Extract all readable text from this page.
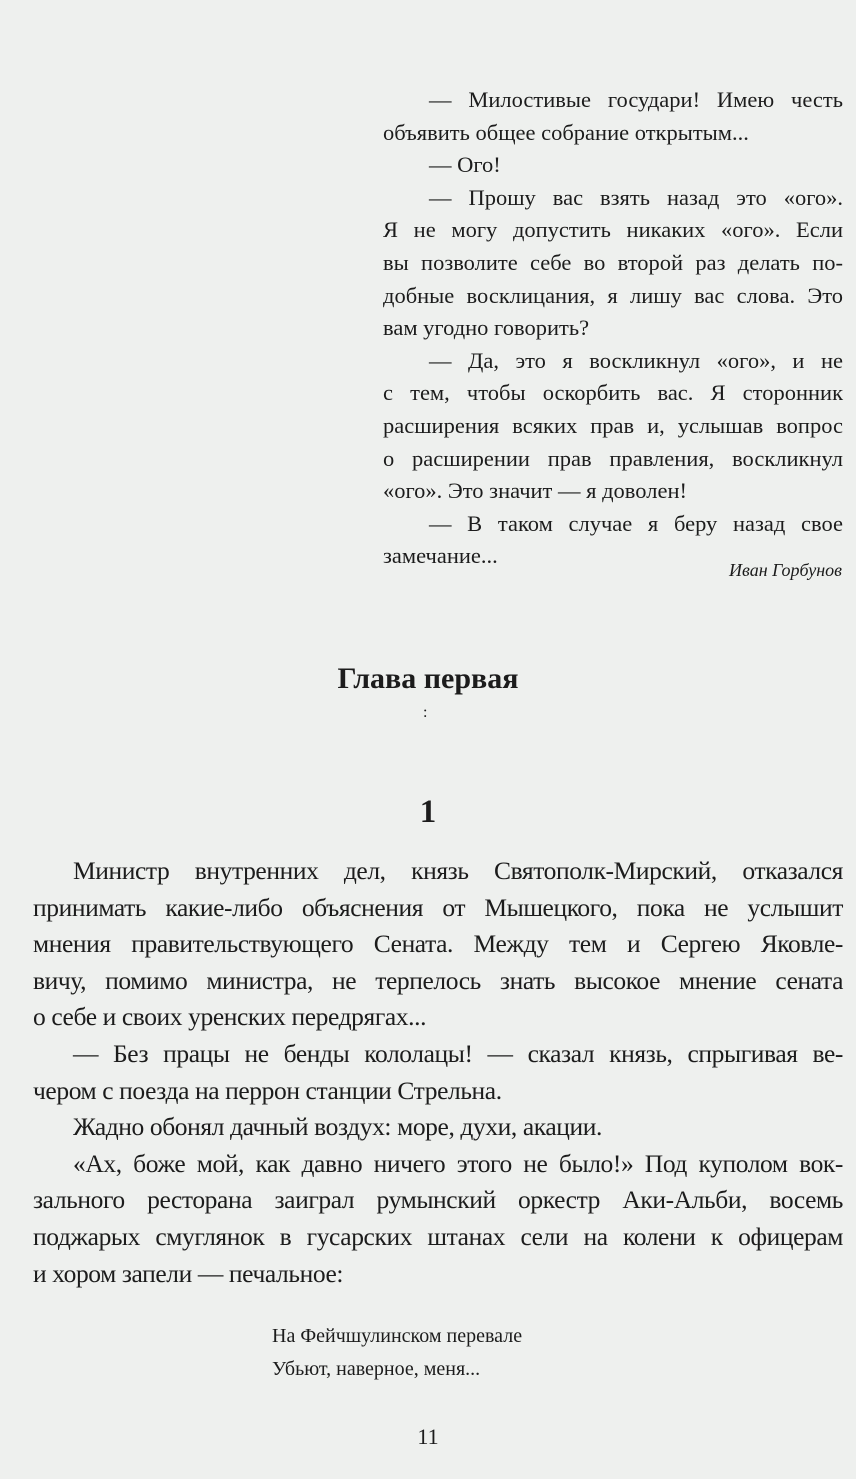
— Милостивые государи! Имею честь
объявить общее собрание открытым...
— Ого!
— Прошу вас взять назад это «ого».
Я не могу допустить никаких «ого». Если
вы позволите себе во второй раз делать по-
добные восклицания, я лишу вас слова. Это
вам угодно говорить?
— Да, это я воскликнул «ого», и не
с тем, чтобы оскорбить вас. Я сторонник
расширения всяких прав и, услышав вопрос
о расширении прав правления, воскликнул
«ого». Это значит — я доволен!
— В таком случае я беру назад свое
замечание...
Иван Горбунов
Глава первая
:
1
Министр внутренних дел, князь Святополк-Мирский, отказался
принимать какие-либо объяснения от Мышецкого, пока не услышит
мнения правительствующего Сената. Между тем и Сергею Яковле-
вичу, помимо министра, не терпелось знать высокое мнение сената
о себе и своих уренских передрягах...
— Без працы не бенды кололацы! — сказал князь, спрыгивая ве-
чером с поезда на перрон станции Стрельна.
Жадно обонял дачный воздух: море, духи, акации.
«Ах, боже мой, как давно ничего этого не было!» Под куполом вок-
зального ресторана заиграл румынский оркестр Аки-Альби, восемь
поджарых смуглянок в гусарских штанах сели на колени к офицерам
и хором запели — печальное:
На Фейчшулинском перевале
Убьют, наверное, меня...
11
